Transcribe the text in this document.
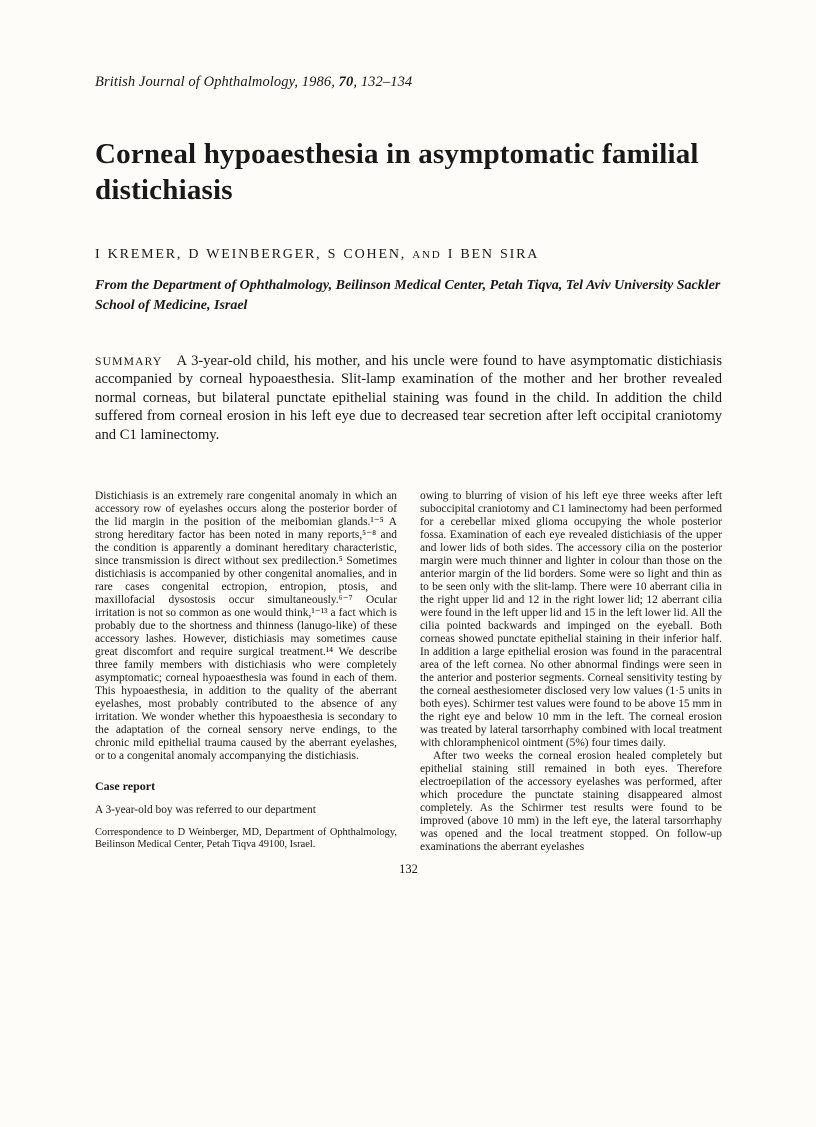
British Journal of Ophthalmology, 1986, 70, 132–134
Corneal hypoaesthesia in asymptomatic familial distichiasis
I KREMER, D WEINBERGER, S COHEN, AND I BEN SIRA

From the Department of Ophthalmology, Beilinson Medical Center, Petah Tiqva, Tel Aviv University Sackler School of Medicine, Israel

SUMMARY A 3-year-old child, his mother, and his uncle were found to have asymptomatic distichiasis accompanied by corneal hypoaesthesia. Slit-lamp examination of the mother and her brother revealed normal corneas, but bilateral punctate epithelial staining was found in the child. In addition the child suffered from corneal erosion in his left eye due to decreased tear secretion after left occipital craniotomy and C1 laminectomy.

Distichiasis is an extremely rare congenital anomaly in which an accessory row of eyelashes occurs along the posterior border of the lid margin in the position of the meibomian glands.¹⁻⁵ A strong hereditary factor has been noted in many reports,⁵⁻⁸ and the condition is apparently a dominant hereditary characteristic, since transmission is direct without sex predilection.⁵ Sometimes distichiasis is accompanied by other congenital anomalies, and in rare cases congenital ectropion, entropion, ptosis, and maxillofacial dysostosis occur simultaneously.⁶⁻⁷ Ocular irritation is not so common as one would think,¹⁻¹³ a fact which is probably due to the shortness and thinness (lanugo-like) of these accessory lashes. However, distichiasis may sometimes cause great discomfort and require surgical treatment.¹⁴ We describe three family members with distichiasis who were completely asymptomatic; corneal hypoaesthesia was found in each of them. This hypoaesthesia, in addition to the quality of the aberrant eyelashes, most probably contributed to the absence of any irritation. We wonder whether this hypoaesthesia is secondary to the adaptation of the corneal sensory nerve endings, to the chronic mild epithelial trauma caused by the aberrant eyelashes, or to a congenital anomaly accompanying the distichiasis.

Case report

A 3-year-old boy was referred to our department

Correspondence to D Weinberger, MD, Department of Ophthalmology, Beilinson Medical Center, Petah Tiqva 49100, Israel.

owing to blurring of vision of his left eye three weeks after left suboccipital craniotomy and C1 laminectomy had been performed for a cerebellar mixed glioma occupying the whole posterior fossa. Examination of each eye revealed distichiasis of the upper and lower lids of both sides. The accessory cilia on the posterior margin were much thinner and lighter in colour than those on the anterior margin of the lid borders. Some were so light and thin as to be seen only with the slit-lamp. There were 10 aberrant cilia in the right upper lid and 12 in the right lower lid; 12 aberrant cilia were found in the left upper lid and 15 in the left lower lid. All the cilia pointed backwards and impinged on the eyeball. Both corneas showed punctate epithelial staining in their inferior half. In addition a large epithelial erosion was found in the paracentral area of the left cornea. No other abnormal findings were seen in the anterior and posterior segments. Corneal sensitivity testing by the corneal aesthesiometer disclosed very low values (1·5 units in both eyes). Schirmer test values were found to be above 15 mm in the right eye and below 10 mm in the left. The corneal erosion was treated by lateral tarsorrhaphy combined with local treatment with chloramphenicol ointment (5%) four times daily.

After two weeks the corneal erosion healed completely but epithelial staining still remained in both eyes. Therefore electroepilation of the accessory eyelashes was performed, after which procedure the punctate staining disappeared almost completely. As the Schirmer test results were found to be improved (above 10 mm) in the left eye, the lateral tarsorrhaphy was opened and the local treatment stopped. On follow-up examinations the aberrant eyelashes

132
